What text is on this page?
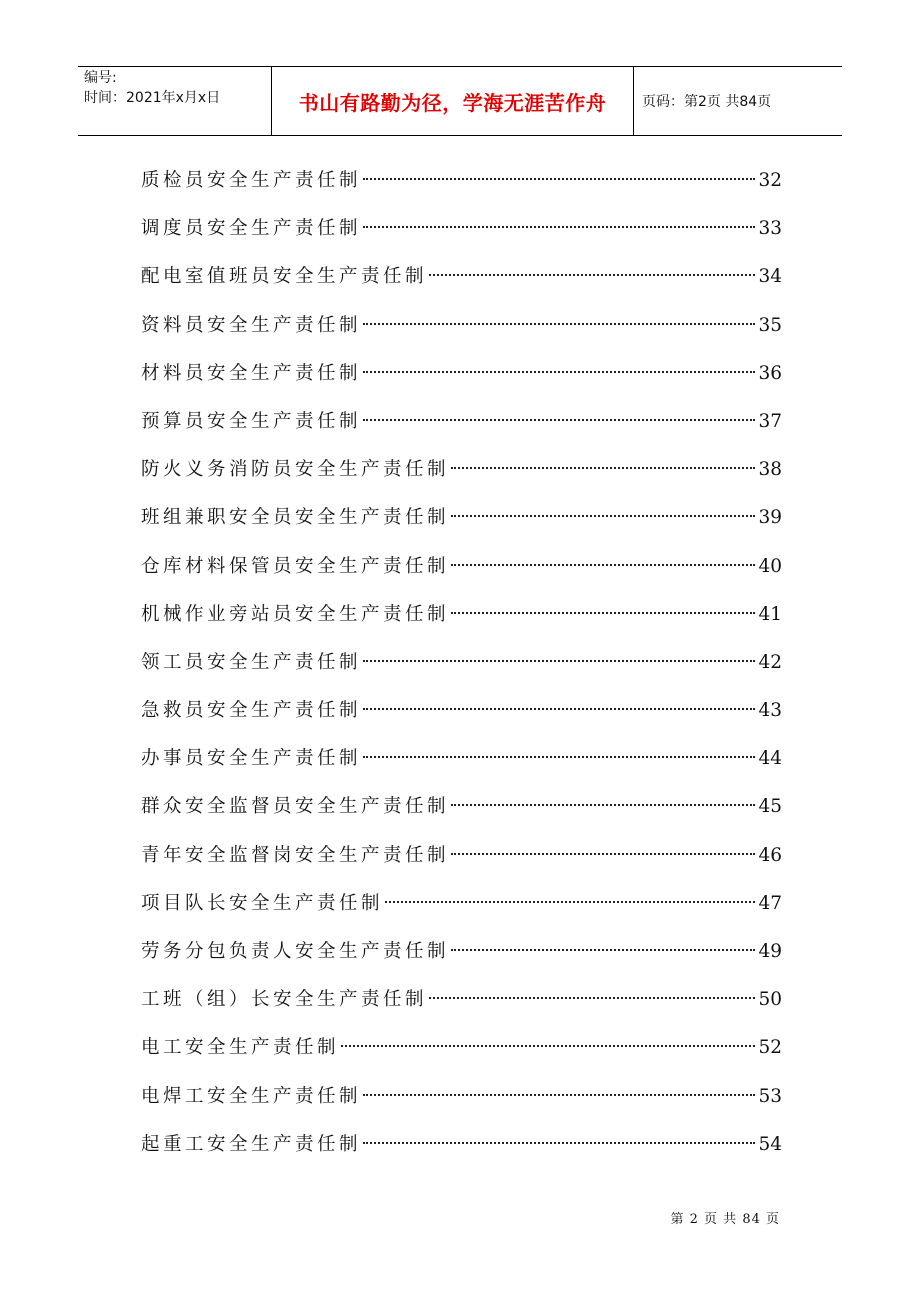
编号:
时间：2021年x月x日	书山有路勤为径，学海无涯苦作舟	页码：第2页 共84页
质检员安全生产责任制	32
调度员安全生产责任制	33
配电室值班员安全生产责任制	34
资料员安全生产责任制	35
材料员安全生产责任制	36
预算员安全生产责任制	37
防火义务消防员安全生产责任制	38
班组兼职安全员安全生产责任制	39
仓库材料保管员安全生产责任制	40
机械作业旁站员安全生产责任制	41
领工员安全生产责任制	42
急救员安全生产责任制	43
办事员安全生产责任制	44
群众安全监督员安全生产责任制	45
青年安全监督岗安全生产责任制	46
项目队长安全生产责任制	47
劳务分包负责人安全生产责任制	49
工班（组）长安全生产责任制	50
电工安全生产责任制	52
电焊工安全生产责任制	53
起重工安全生产责任制	54
第 2 页 共 84 页
